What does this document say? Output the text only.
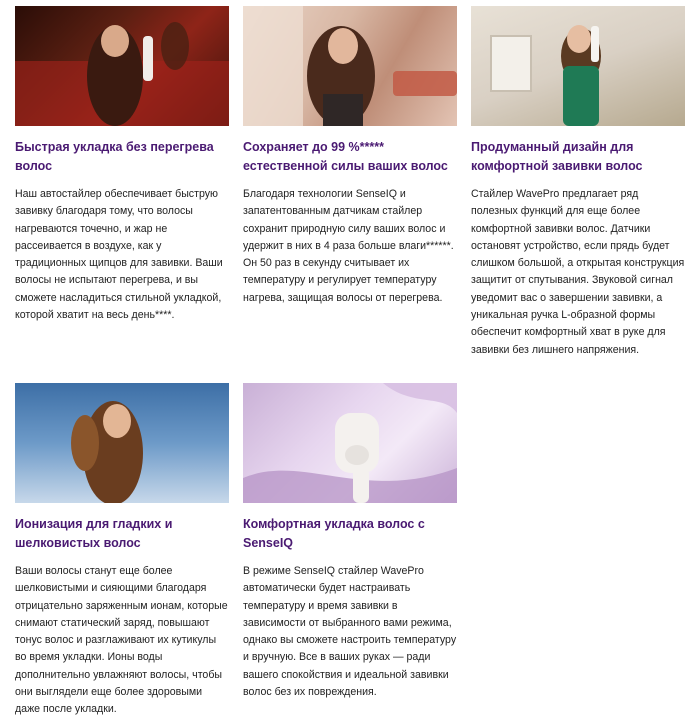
Быстрая укладка без перегрева волос
Наш автостайлер обеспечивает быструю завивку благодаря тому, что волосы нагреваются точечно, и жар не рассеивается в воздухе, как у традиционных щипцов для завивки. Ваши волосы не испытают перегрева, и вы сможете насладиться стильной укладкой, которой хватит на весь день****.
Сохраняет до 99 %***** естественной силы ваших волос
Благодаря технологии SenseIQ и запатентованным датчикам стайлер сохранит природную силу ваших волос и удержит в них в 4 раза больше влаги******. Он 50 раз в секунду считывает их температуру и регулирует температуру нагрева, защищая волосы от перегрева.
Продуманный дизайн для комфортной завивки волос
Стайлер WavePro предлагает ряд полезных функций для еще более комфортной завивки волос. Датчики остановят устройство, если прядь будет слишком большой, а открытая конструкция защитит от спутывания. Звуковой сигнал уведомит вас о завершении завивки, а уникальная ручка L-образной формы обеспечит комфортный хват в руке для завивки без лишнего напряжения.
Ионизация для гладких и шелковистых волос
Ваши волосы станут еще более шелковистыми и сияющими благодаря отрицательно заряженным ионам, которые снимают статический заряд, повышают тонус волос и разглаживают их кутикулы во время укладки. Ионы воды дополнительно увлажняют волосы, чтобы они выглядели еще более здоровыми даже после укладки.
Комфортная укладка волос с SenseIQ
В режиме SenseIQ стайлер WavePro автоматически будет настраивать температуру и время завивки в зависимости от выбранного вами режима, однако вы сможете настроить температуру и вручную. Все в ваших руках — ради вашего спокойствия и идеальной завивки волос без их повреждения.
